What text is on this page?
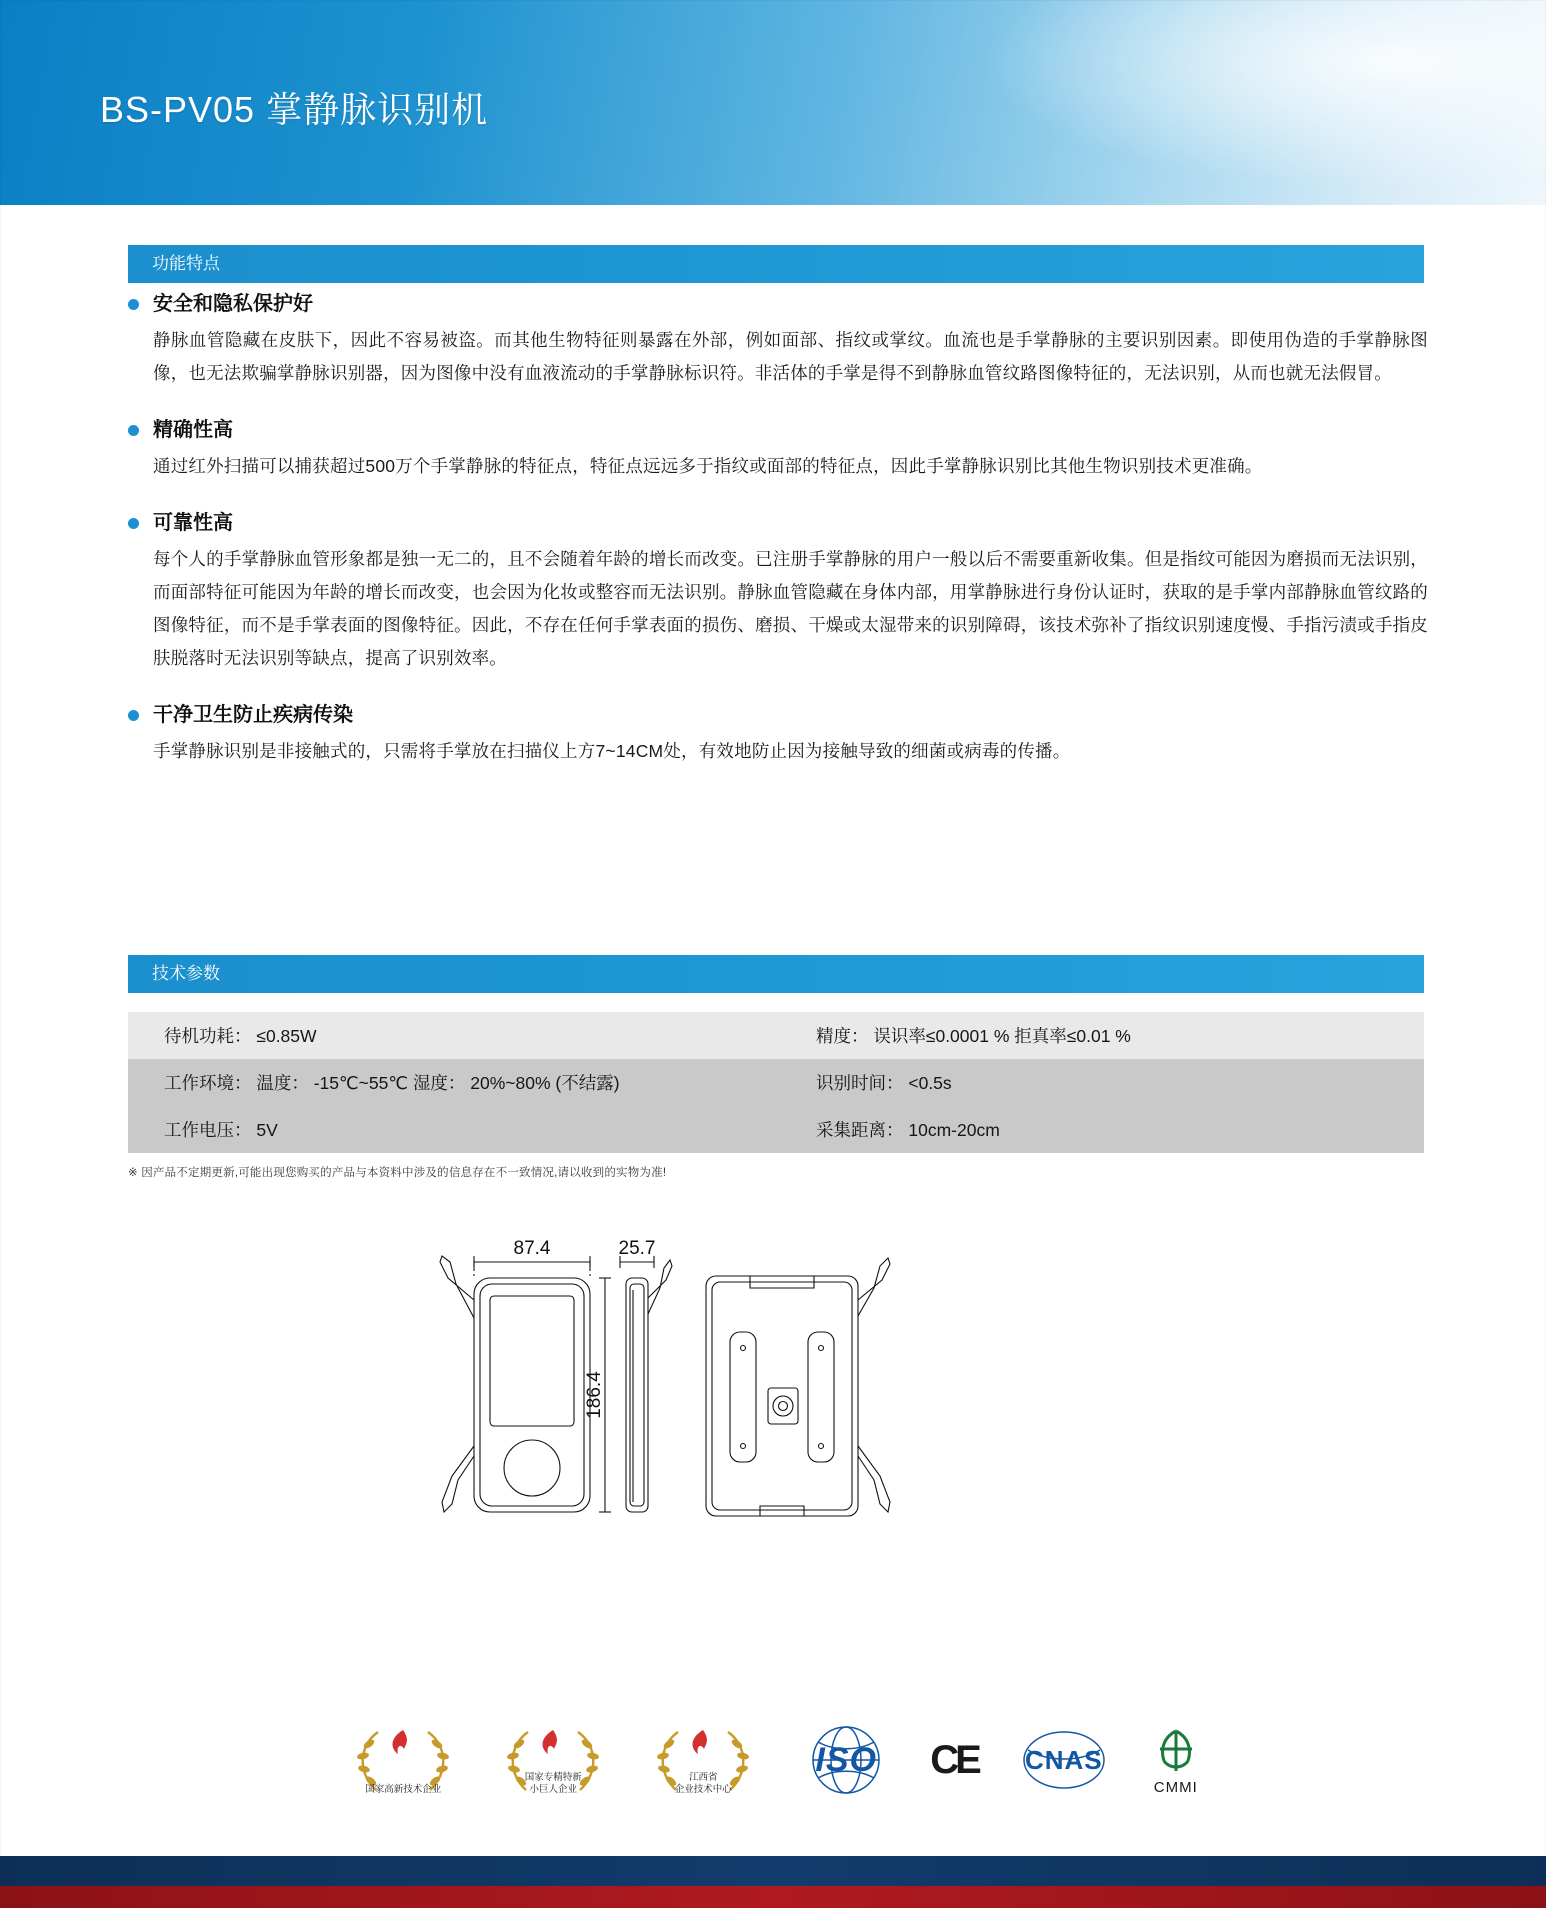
BS-PV05 掌静脉识别机
功能特点
安全和隐私保护好
静脉血管隐藏在皮肤下，因此不容易被盗。而其他生物特征则暴露在外部，例如面部、指纹或掌纹。血流也是手掌静脉的主要识别因素。即使用伪造的手掌静脉图像，也无法欺骗掌静脉识别器，因为图像中没有血液流动的手掌静脉标识符。非活体的手掌是得不到静脉血管纹路图像特征的，无法识别，从而也就无法假冒。
精确性高
通过红外扫描可以捕获超过500万个手掌静脉的特征点，特征点远远多于指纹或面部的特征点，因此手掌静脉识别比其他生物识别技术更准确。
可靠性高
每个人的手掌静脉血管形象都是独一无二的，且不会随着年龄的增长而改变。已注册手掌静脉的用户一般以后不需要重新收集。但是指纹可能因为磨损而无法识别，而面部特征可能因为年龄的增长而改变，也会因为化妆或整容而无法识别。静脉血管隐藏在身体内部，用掌静脉进行身份认证时，获取的是手掌内部静脉血管纹路的图像特征，而不是手掌表面的图像特征。因此，不存在任何手掌表面的损伤、磨损、干燥或太湿带来的识别障碍，该技术弥补了指纹识别速度慢、手指污渍或手指皮肤脱落时无法识别等缺点，提高了识别效率。
干净卫生防止疾病传染
手掌静脉识别是非接触式的，只需将手掌放在扫描仪上方7~14CM处，有效地防止因为接触导致的细菌或病毒的传播。
技术参数
待机功耗： ≤0.85W	精度： 误识率≤0.0001 % 拒真率≤0.01 %
工作环境： 温度： -15℃~55℃ 湿度： 20%~80% (不结露)	识别时间： <0.5s
工作电压： 5V	采集距离： 10cm-20cm
※ 因产品不定期更新,可能出现您购买的产品与本资料中涉及的信息存在不一致情况,请以收到的实物为准!
87.4	25.7
186.4
国家高新技术企业
国家专精特新
小巨人企业
江西省
企业技术中心
ISO CE CNAS
CMMI
